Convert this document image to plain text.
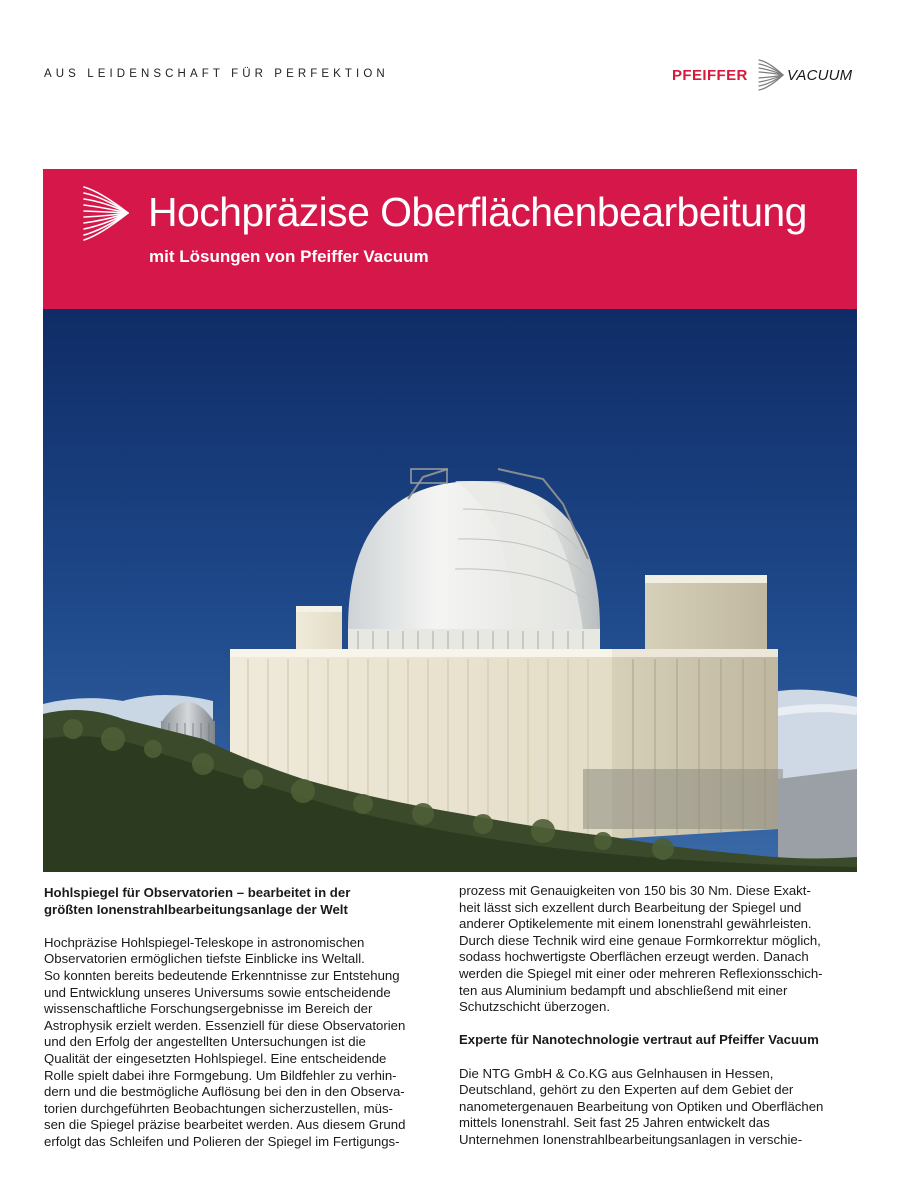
AUS LEIDENSCHAFT FÜR PERFEKTION	PFEIFFER	VACUUM
Hochpräzise Oberflächenbearbeitung
mit Lösungen von Pfeiffer Vacuum

Hohlspiegel für Observatorien – bearbeitet in der
größten Ionenstrahlbearbeitungsanlage der Welt

Hochpräzise Hohlspiegel-Teleskope in astronomischen
Observatorien ermöglichen tiefste Einblicke ins Weltall.
So konnten bereits bedeutende Erkenntnisse zur Entstehung
und Entwicklung unseres Universums sowie entscheidende
wissenschaftliche Forschungsergebnisse im Bereich der
Astrophysik erzielt werden. Essenziell für diese Observatorien
und den Erfolg der angestellten Untersuchungen ist die
Qualität der eingesetzten Hohlspiegel. Eine entscheidende
Rolle spielt dabei ihre Formgebung. Um Bildfehler zu verhin-
dern und die bestmögliche Auflösung bei den in den Observa-
torien durchgeführten Beobachtungen sicherzustellen, müs-
sen die Spiegel präzise bearbeitet werden. Aus diesem Grund
erfolgt das Schleifen und Polieren der Spiegel im Fertigungs-

prozess mit Genauigkeiten von 150 bis 30 Nm. Diese Exakt-
heit lässt sich exzellent durch Bearbeitung der Spiegel und
anderer Optikelemente mit einem Ionenstrahl gewährleisten.
Durch diese Technik wird eine genaue Formkorrektur möglich,
sodass hochwertigste Oberflächen erzeugt werden. Danach
werden die Spiegel mit einer oder mehreren Reflexionsschich-
ten aus Aluminium bedampft und abschließend mit einer
Schutzschicht überzogen.

Experte für Nanotechnologie vertraut auf Pfeiffer Vacuum

Die NTG GmbH & Co.KG aus Gelnhausen in Hessen,
Deutschland, gehört zu den Experten auf dem Gebiet der
nanometergenauen Bearbeitung von Optiken und Oberflächen
mittels Ionenstrahl. Seit fast 25 Jahren entwickelt das
Unternehmen Ionenstrahlbearbeitungsanlagen in verschie-
